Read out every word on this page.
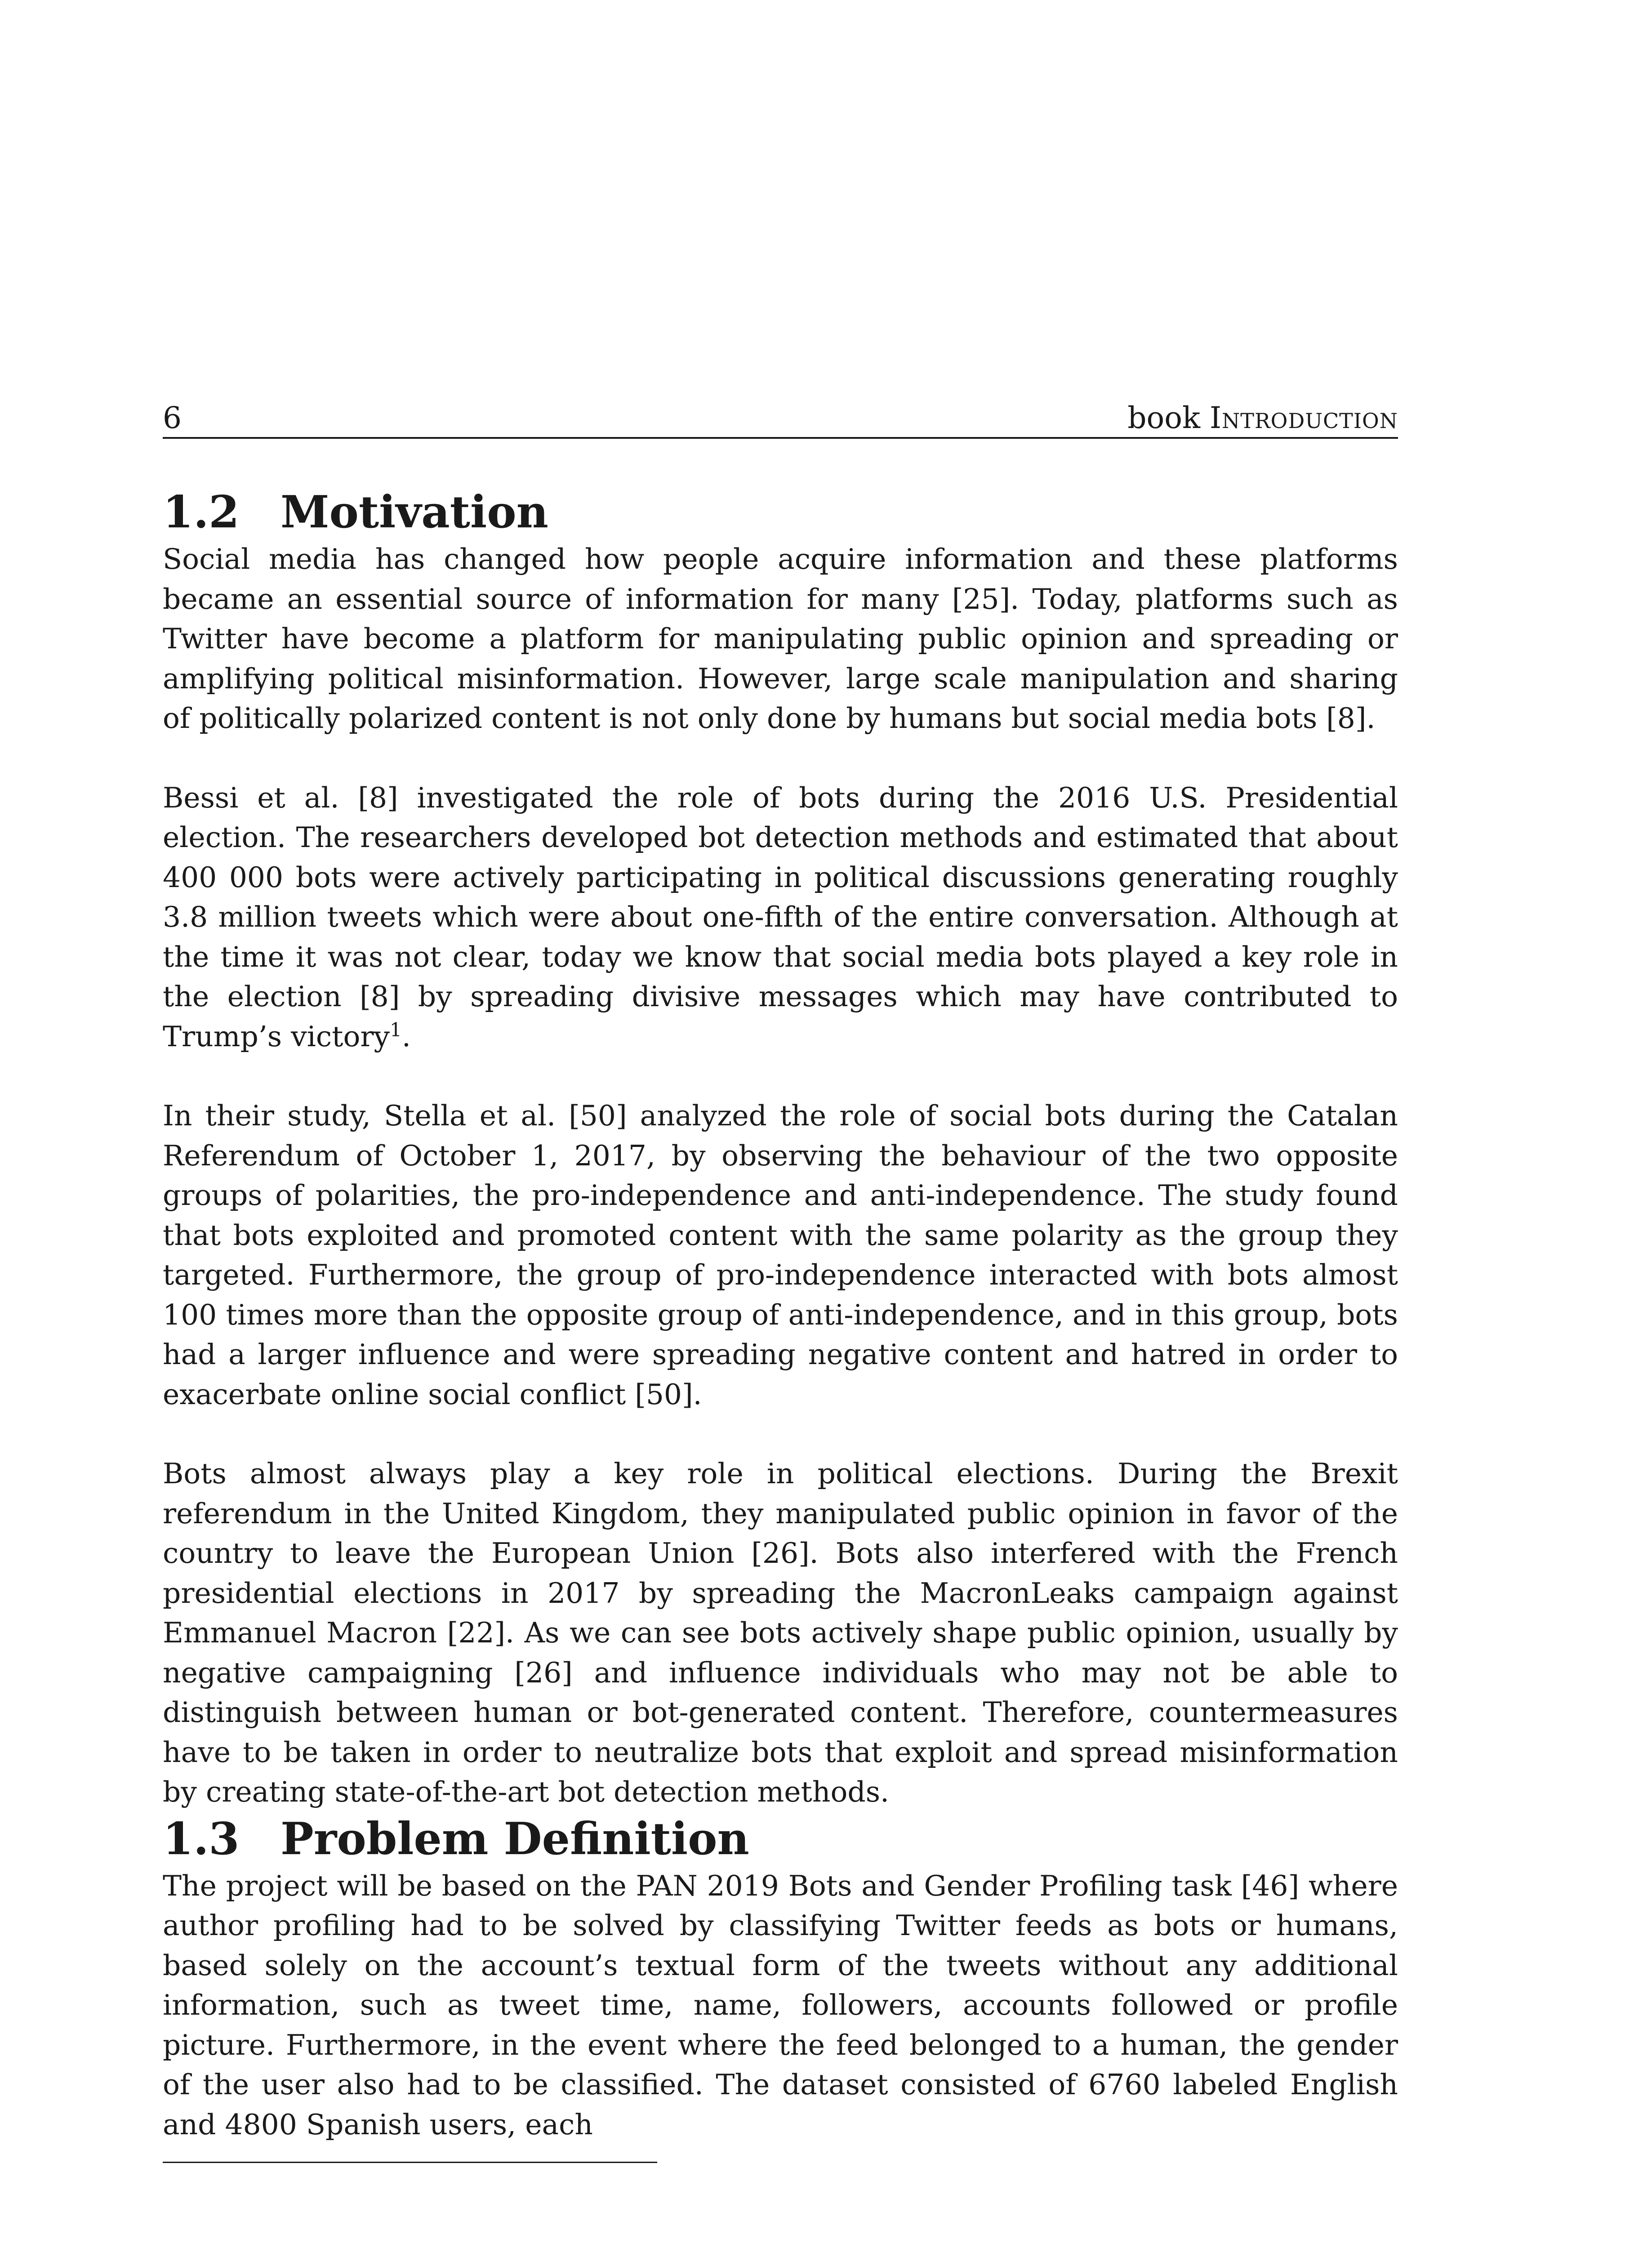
6	book Introduction
1.2 Motivation

Social media has changed how people acquire information and these platforms became an essential source of information for many [25]. Today, platforms such as Twitter have become a platform for manipulating public opinion and spreading or amplifying political misinformation. However, large scale manipulation and sharing of politically polarized content is not only done by humans but social media bots [8].

Bessi et al. [8] investigated the role of bots during the 2016 U.S. Presidential election. The researchers developed bot detection methods and estimated that about 400 000 bots were actively participating in political discussions generating roughly 3.8 million tweets which were about one-fifth of the entire conversation. Although at the time it was not clear, today we know that social media bots played a key role in the election [8] by spreading divisive messages which may have contributed to Trump’s victory$^1$.

In their study, Stella et al. [50] analyzed the role of social bots during the Catalan Referendum of October 1, 2017, by observing the behaviour of the two opposite groups of polarities, the pro-independence and anti-independence. The study found that bots exploited and promoted content with the same polarity as the group they targeted. Furthermore, the group of pro-independence interacted with bots almost 100 times more than the opposite group of anti-independence, and in this group, bots had a larger influence and were spreading negative content and hatred in order to exacerbate online social conflict [50].

Bots almost always play a key role in political elections. During the Brexit referendum in the United Kingdom, they manipulated public opinion in favor of the country to leave the European Union [26]. Bots also interfered with the French presidential elections in 2017 by spreading the MacronLeaks campaign against Emmanuel Macron [22]. As we can see bots actively shape public opinion, usually by negative campaigning [26] and influence individuals who may not be able to distinguish between human or bot-generated content. Therefore, countermeasures have to be taken in order to neutralize bots that exploit and spread misinformation by creating state-of-the-art bot detection methods.

1.3 Problem Definition

The project will be based on the PAN 2019 Bots and Gender Profiling task [46] where author profiling had to be solved by classifying Twitter feeds as bots or humans, based solely on the account’s textual form of the tweets without any additional information, such as tweet time, name, followers, accounts followed or profile picture. Furthermore, in the event where the feed belonged to a human, the gender of the user also had to be classified. The dataset consisted of 6760 labeled English and 4800 Spanish users, each
